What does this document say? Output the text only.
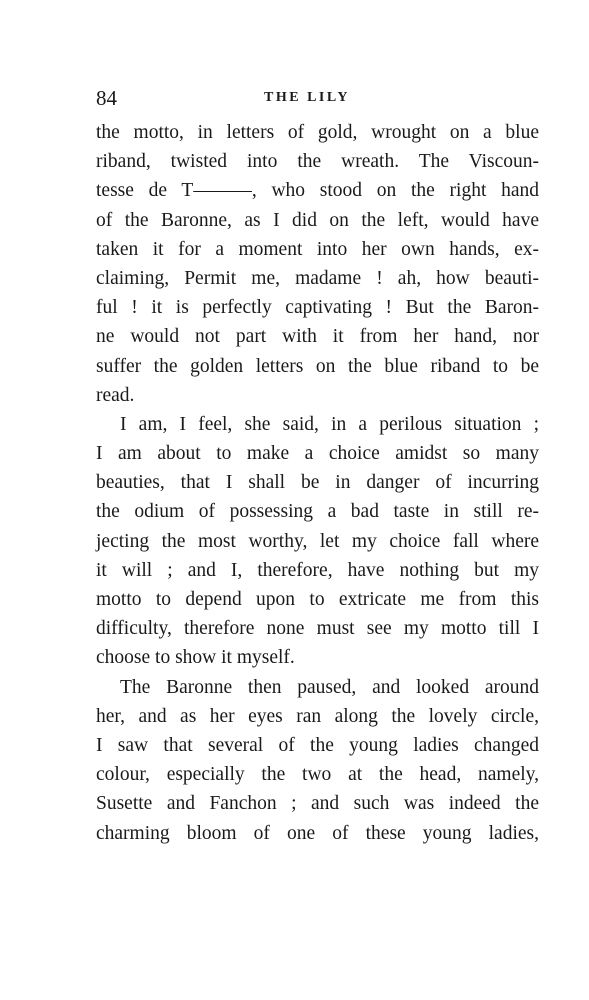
84	THE LILY
the motto, in letters of gold, wrought on a blue
riband, twisted into the wreath. The Viscoun-
tesse de T———, who stood on the right hand
of the Baronne, as I did on the left, would have
taken it for a moment into her own hands, ex-
claiming, Permit me, madame ! ah, how beauti-
ful ! it is perfectly captivating ! But the Baron-
ne would not part with it from her hand, nor
suffer the golden letters on the blue riband to be
read.
I am, I feel, she said, in a perilous situation ;
I am about to make a choice amidst so many
beauties, that I shall be in danger of incurring
the odium of possessing a bad taste in still re-
jecting the most worthy, let my choice fall where
it will ; and I, therefore, have nothing but my
motto to depend upon to extricate me from this
difficulty, therefore none must see my motto till I
choose to show it myself.
The Baronne then paused, and looked around
her, and as her eyes ran along the lovely circle,
I saw that several of the young ladies changed
colour, especially the two at the head, namely,
Susette and Fanchon ; and such was indeed the
charming bloom of one of these young ladies,
